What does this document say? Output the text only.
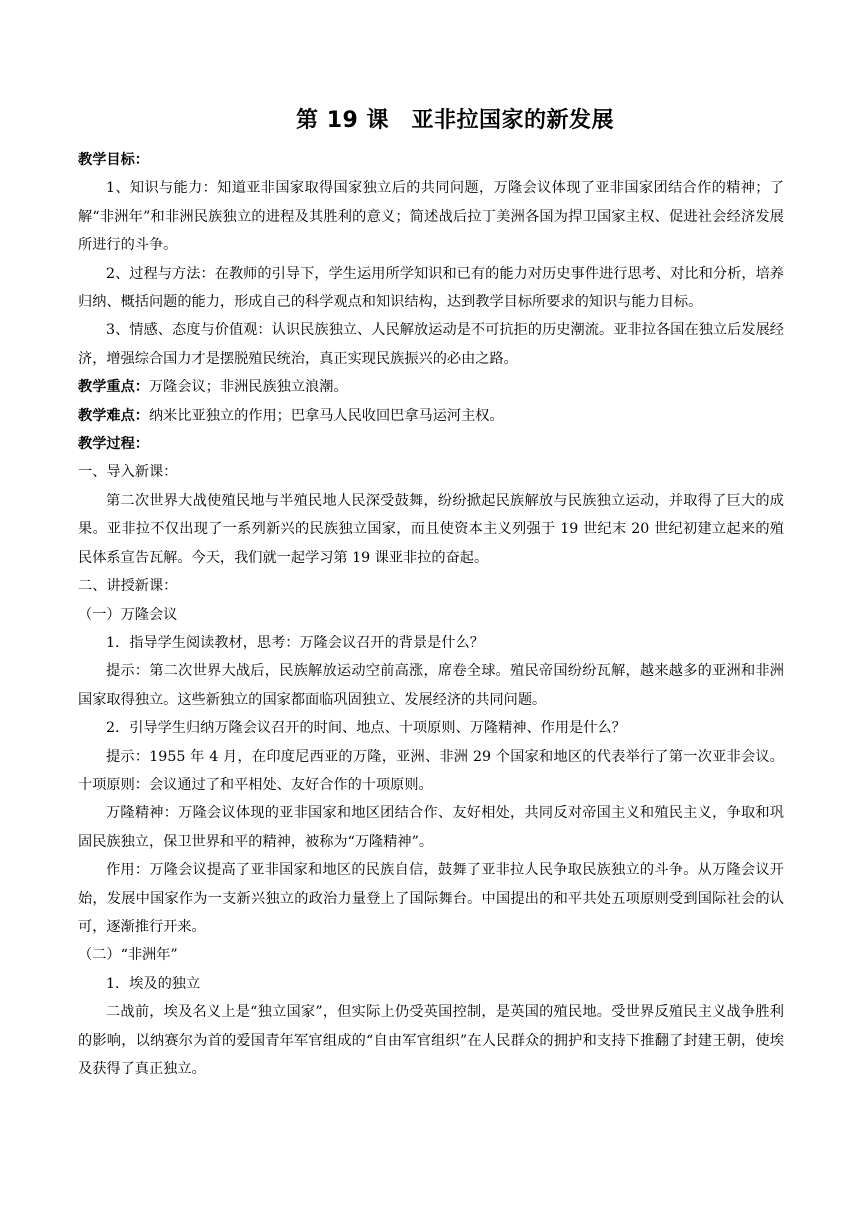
第 19 课　亚非拉国家的新发展

教学目标：

1、知识与能力：知道亚非国家取得国家独立后的共同问题，万隆会议体现了亚非国家团结合作的精神；了解“非洲年”和非洲民族独立的进程及其胜利的意义；简述战后拉丁美洲各国为捍卫国家主权、促进社会经济发展所进行的斗争。

2、过程与方法：在教师的引导下，学生运用所学知识和已有的能力对历史事件进行思考、对比和分析，培养归纳、概括问题的能力，形成自己的科学观点和知识结构，达到教学目标所要求的知识与能力目标。

3、情感、态度与价值观：认识民族独立、人民解放运动是不可抗拒的历史潮流。亚非拉各国在独立后发展经济，增强综合国力才是摆脱殖民统治，真正实现民族振兴的必由之路。

教学重点：万隆会议；非洲民族独立浪潮。

教学难点：纳米比亚独立的作用；巴拿马人民收回巴拿马运河主权。

教学过程：

一、导入新课：

第二次世界大战使殖民地与半殖民地人民深受鼓舞，纷纷掀起民族解放与民族独立运动，并取得了巨大的成果。亚非拉不仅出现了一系列新兴的民族独立国家，而且使资本主义列强于 19 世纪末 20 世纪初建立起来的殖民体系宣告瓦解。今天，我们就一起学习第 19 课亚非拉的奋起。

二、讲授新课：

（一）万隆会议

1．指导学生阅读教材，思考：万隆会议召开的背景是什么？

提示：第二次世界大战后，民族解放运动空前高涨，席卷全球。殖民帝国纷纷瓦解，越来越多的亚洲和非洲国家取得独立。这些新独立的国家都面临巩固独立、发展经济的共同问题。

2．引导学生归纳万隆会议召开的时间、地点、十项原则、万隆精神、作用是什么？

提示：1955 年 4 月，在印度尼西亚的万隆，亚洲、非洲 29 个国家和地区的代表举行了第一次亚非会议。十项原则：会议通过了和平相处、友好合作的十项原则。

万隆精神：万隆会议体现的亚非国家和地区团结合作、友好相处，共同反对帝国主义和殖民主义，争取和巩固民族独立，保卫世界和平的精神，被称为“万隆精神”。

作用：万隆会议提高了亚非国家和地区的民族自信，鼓舞了亚非拉人民争取民族独立的斗争。从万隆会议开始，发展中国家作为一支新兴独立的政治力量登上了国际舞台。中国提出的和平共处五项原则受到国际社会的认可，逐渐推行开来。

（二）“非洲年”

1．埃及的独立

二战前，埃及名义上是“独立国家”，但实际上仍受英国控制，是英国的殖民地。受世界反殖民主义战争胜利的影响，以纳赛尔为首的爱国青年军官组成的“自由军官组织”在人民群众的拥护和支持下推翻了封建王朝，使埃及获得了真正独立。
